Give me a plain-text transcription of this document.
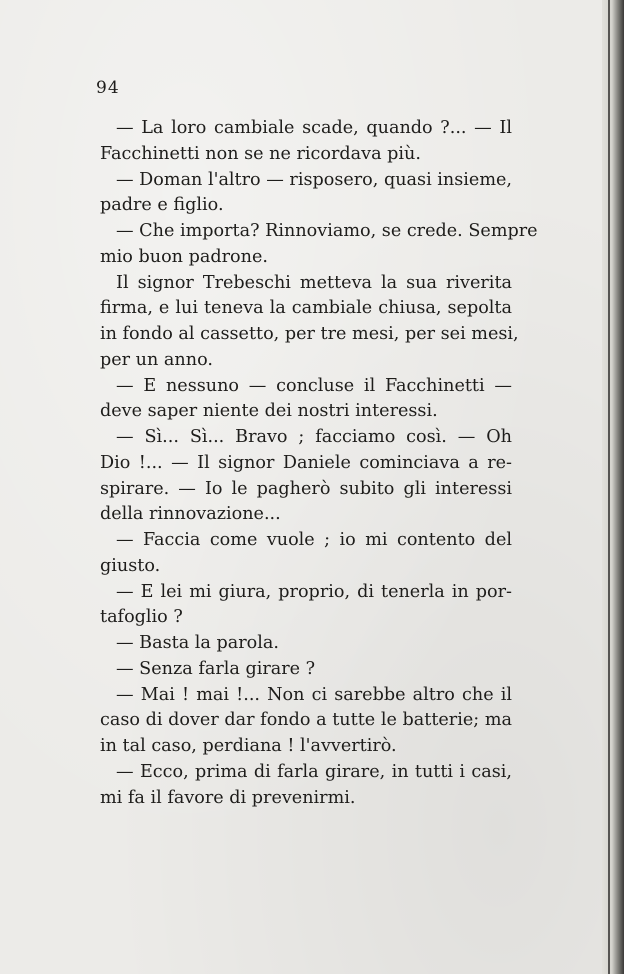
94
— La loro cambiale scade, quando ?... — Il
Facchinetti non se ne ricordava più.
— Doman l'altro — risposero, quasi insieme,
padre e figlio.
— Che importa? Rinnoviamo, se crede. Sempre
mio buon padrone.
Il signor Trebeschi metteva la sua riverita
firma, e lui teneva la cambiale chiusa, sepolta
in fondo al cassetto, per tre mesi, per sei mesi,
per un anno.
— E nessuno — concluse il Facchinetti —
deve saper niente dei nostri interessi.
— Sì... Sì... Bravo ; facciamo così. — Oh
Dio !... — Il signor Daniele cominciava a re-
spirare. — Io le pagherò subito gli interessi
della rinnovazione...
— Faccia come vuole ; io mi contento del
giusto.
— E lei mi giura, proprio, di tenerla in por-
tafoglio ?
— Basta la parola.
— Senza farla girare ?
— Mai ! mai !... Non ci sarebbe altro che il
caso di dover dar fondo a tutte le batterie; ma
in tal caso, perdiana ! l'avvertirò.
— Ecco, prima di farla girare, in tutti i casi,
mi fa il favore di prevenirmi.
